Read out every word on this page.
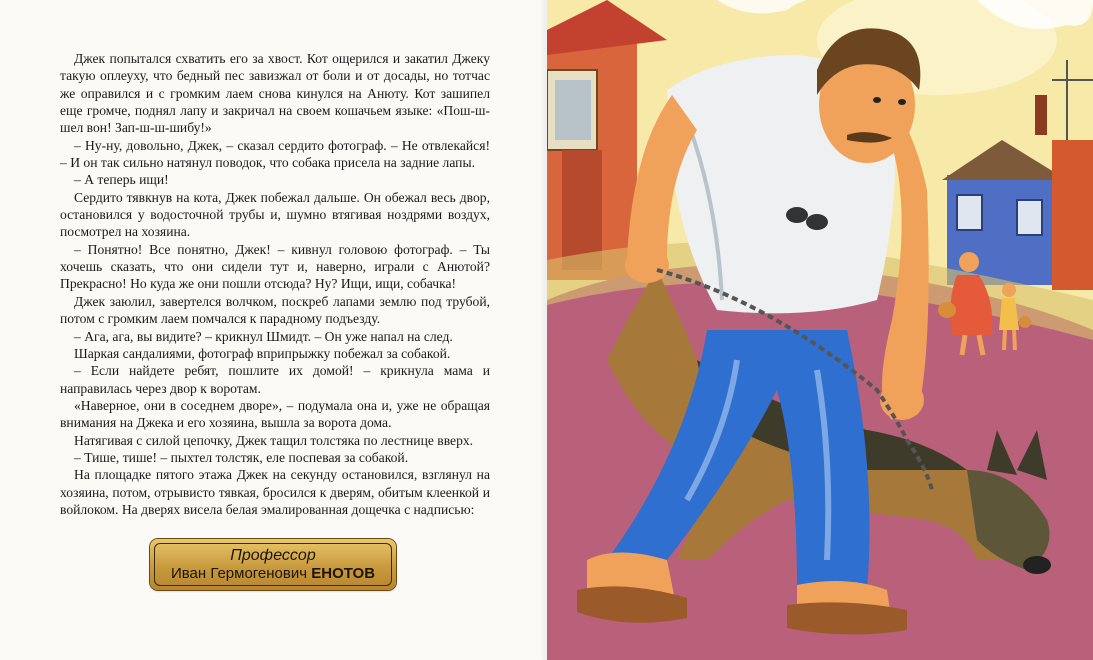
Джек попытался схватить его за хвост. Кот ощерился и закатил Джеку такую оплеуху, что бедный пес завизжал от боли и от досады, но тотчас же оправился и с громким лаем снова кинулся на Анюту. Кот зашипел еще громче, поднял лапу и закричал на своем кошачьем языке: «Пош-ш-шел вон! Зап-ш-ш-шибу!»

– Ну-ну, довольно, Джек, – сказал сердито фотограф. – Не отвлекайся! – И он так сильно натянул поводок, что собака присела на задние лапы.

– А теперь ищи!

Сердито тявкнув на кота, Джек побежал дальше. Он обежал весь двор, остановился у водосточной трубы и, шумно втягивая ноздрями воздух, посмотрел на хозяина.

– Понятно! Все понятно, Джек! – кивнул головою фотограф. – Ты хочешь сказать, что они сидели тут и, наверно, играли с Анютой? Прекрасно! Но куда же они пошли отсюда? Ну? Ищи, ищи, собачка!

Джек заюлил, завертелся волчком, поскреб лапами землю под трубой, потом с громким лаем помчался к парадному подъезду.

– Ага, ага, вы видите? – крикнул Шмидт. – Он уже напал на след.

Шаркая сандалиями, фотограф вприпрыжку побежал за собакой.

– Если найдете ребят, пошлите их домой! – крикнула мама и направилась через двор к воротам.

«Наверное, они в соседнем дворе», – подумала она и, уже не обращая внимания на Джека и его хозяина, вышла за ворота дома.

Натягивая с силой цепочку, Джек тащил толстяка по лестнице вверх.

– Тише, тише! – пыхтел толстяк, еле поспевая за собакой.

На площадке пятого этажа Джек на секунду остановился, взглянул на хозяина, потом, отрывисто тявкая, бросился к дверям, обитым клеенкой и войлоком. На дверях висела белая эмалированная дощечка с надписью:

Профессор
Иван Гермогенович ЕНОТОВ
